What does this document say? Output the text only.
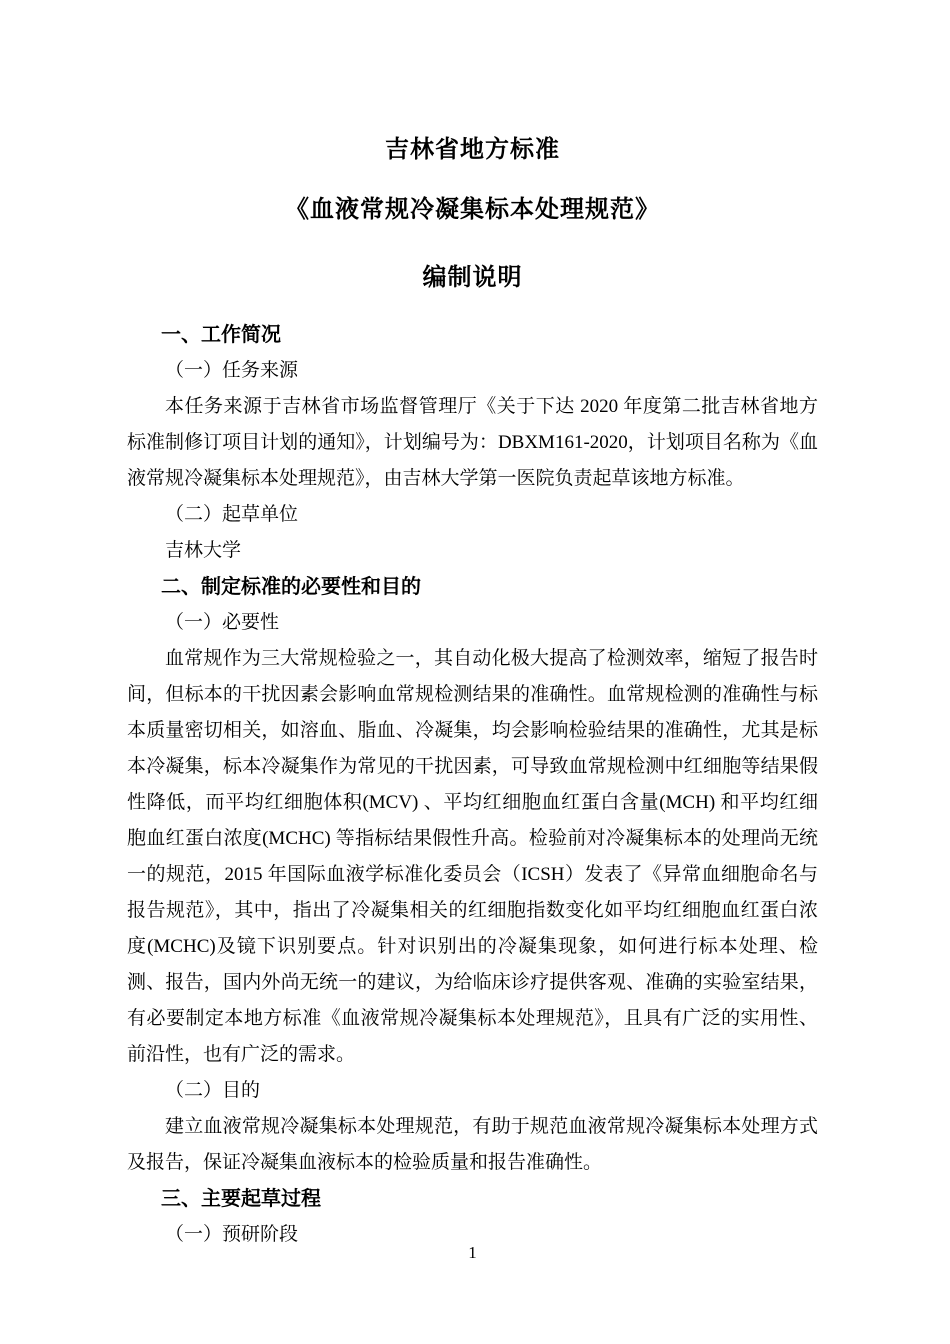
吉林省地方标准
《血液常规冷凝集标本处理规范》
编制说明
一、工作简况
（一）任务来源

本任务来源于吉林省市场监督管理厅《关于下达 2020 年度第二批吉林省地方标准制修订项目计划的通知》，计划编号为：DBXM161-2020，计划项目名称为《血液常规冷凝集标本处理规范》，由吉林大学第一医院负责起草该地方标准。

（二）起草单位

吉林大学

二、制定标准的必要性和目的
（一）必要性

血常规作为三大常规检验之一，其自动化极大提高了检测效率，缩短了报告时间，但标本的干扰因素会影响血常规检测结果的准确性。血常规检测的准确性与标本质量密切相关，如溶血、脂血、冷凝集，均会影响检验结果的准确性，尤其是标本冷凝集，标本冷凝集作为常见的干扰因素，可导致血常规检测中红细胞等结果假性降低，而平均红细胞体积(MCV) 、平均红细胞血红蛋白含量(MCH) 和平均红细胞血红蛋白浓度(MCHC) 等指标结果假性升高。检验前对冷凝集标本的处理尚无统一的规范，2015 年国际血液学标准化委员会（ICSH）发表了《异常血细胞命名与报告规范》，其中，指出了冷凝集相关的红细胞指数变化如平均红细胞血红蛋白浓度(MCHC)及镜下识别要点。针对识别出的冷凝集现象，如何进行标本处理、检测、报告，国内外尚无统一的建议，为给临床诊疗提供客观、准确的实验室结果，有必要制定本地方标准《血液常规冷凝集标本处理规范》，且具有广泛的实用性、前沿性，也有广泛的需求。

（二）目的

建立血液常规冷凝集标本处理规范，有助于规范血液常规冷凝集标本处理方式及报告，保证冷凝集血液标本的检验质量和报告准确性。

三、主要起草过程
（一）预研阶段
1
